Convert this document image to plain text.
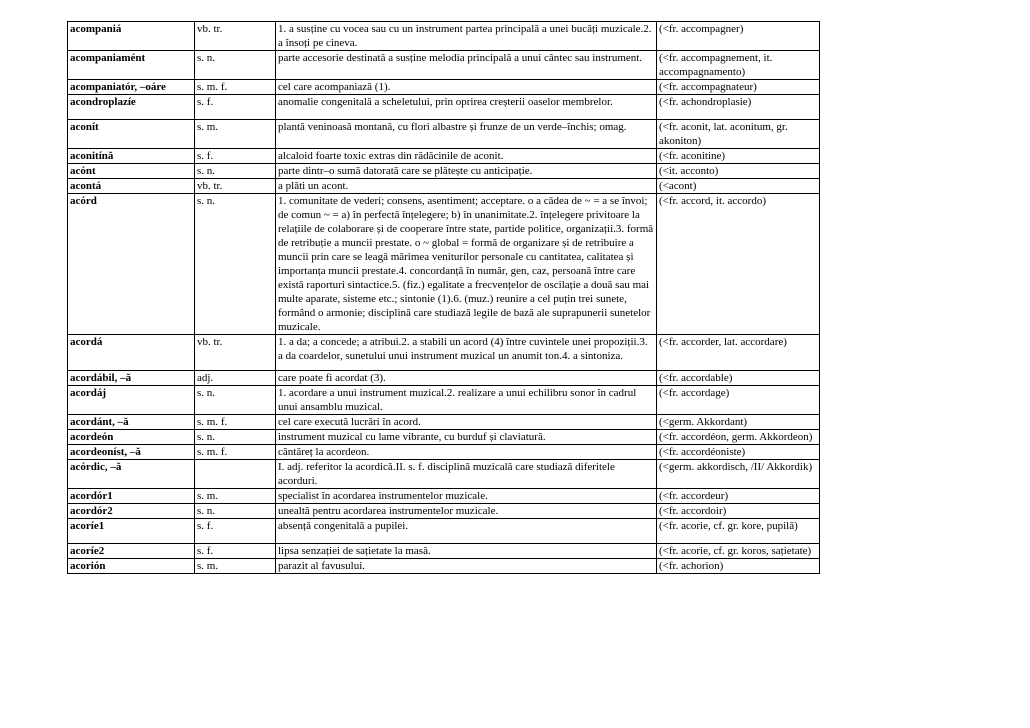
acompaniá	vb. tr.	1. a susține cu vocea sau cu un instrument partea principală a unei bucăți muzicale.2. a însoți pe cineva.	(<fr. accompagner)
acompaniamént	s. n.	parte accesorie destinată a susține melodia principală a unui cântec sau instrument.	(<fr. accompagnement, it. accompagnamento)
acompaniatór, –oáre	s. m. f.	cel care acompaniază (1).	(<fr. accompagnateur)
acondroplazíe	s. f.	anomalie congenitală a scheletului, prin oprirea creșterii oaselor membrelor.	(<fr. achondroplasie)
aconít	s. m.	plantă veninoasă montană, cu flori albastre și frunze de un verde–închis; omag.	(<fr. aconit, lat. aconitum, gr. akoniton)
aconitínă	s. f.	alcaloid foarte toxic extras din rădăcinile de aconit.	(<fr. aconitine)
acónt	s. n.	parte dintr–o sumă datorată care se plătește cu anticipație.	(<it. acconto)
acontá	vb. tr.	a plăti un acont.	(<acont)
acórd	s. n.	1. comunitate de vederi; consens, asentiment; acceptare. o a cădea de ~ = a se învoi; de comun ~ = a) în perfectă înțelegere; b) în unanimitate.2. înțelegere privitoare la relațiile de colaborare și de cooperare între state, partide politice, organizații.3. formă de retribuție a muncii prestate. o ~ global = formă de organizare și de retribuire a muncii prin care se leagă mărimea veniturilor personale cu cantitatea, calitatea și importanța muncii prestate.4. concordanță în număr, gen, caz, persoană între care există raporturi sintactice.5. (fiz.) egalitate a frecvențelor de oscilație a două sau mai multe aparate, sisteme etc.; sintonie (1).6. (muz.) reunire a cel puțin trei sunete, formând o armonie; disciplină care studiază legile de bază ale suprapunerii sunetelor muzicale.	(<fr. accord, it. accordo)
acordá	vb. tr.	1. a da; a concede; a atribui.2. a stabili un acord (4) între cuvintele unei propoziții.3. a da coardelor, sunetului unui instrument muzical un anumit ton.4. a sintoniza.	(<fr. accorder, lat. accordare)
acordábil, –ă	adj.	care poate fi acordat (3).	(<fr. accordable)
acordáj	s. n.	1. acordare a unui instrument muzical.2. realizare a unui echilibru sonor în cadrul unui ansamblu muzical.	(<fr. accordage)
acordánt, –ă	s. m. f.	cel care execută lucrări în acord.	(<germ. Akkordant)
acordeón	s. n.	instrument muzical cu lame vibrante, cu burduf și claviatură.	(<fr. accordéon, germ. Akkordeon)
acordeoníst, –ă	s. m. f.	cântăreț la acordeon.	(<fr. accordéoniste)
acórdic, –ă		I. adj. referitor la acordică.II. s. f. disciplină muzicală care studiază diferitele acorduri.	(<germ. akkordisch, /II/ Akkordik)
acordór1	s. m.	specialist în acordarea instrumentelor muzicale.	(<fr. accordeur)
acordór2	s. n.	unealtă pentru acordarea instrumentelor muzicale.	(<fr. accordoir)
acoríe1	s. f.	absență congenitală a pupilei.	(<fr. acorie, cf. gr. kore, pupilă)
acoríe2	s. f.	lipsa senzației de sațietate la masă.	(<fr. acorie, cf. gr. koros, sațietate)
acorión	s. m.	parazit al favusului.	(<fr. achorion)
